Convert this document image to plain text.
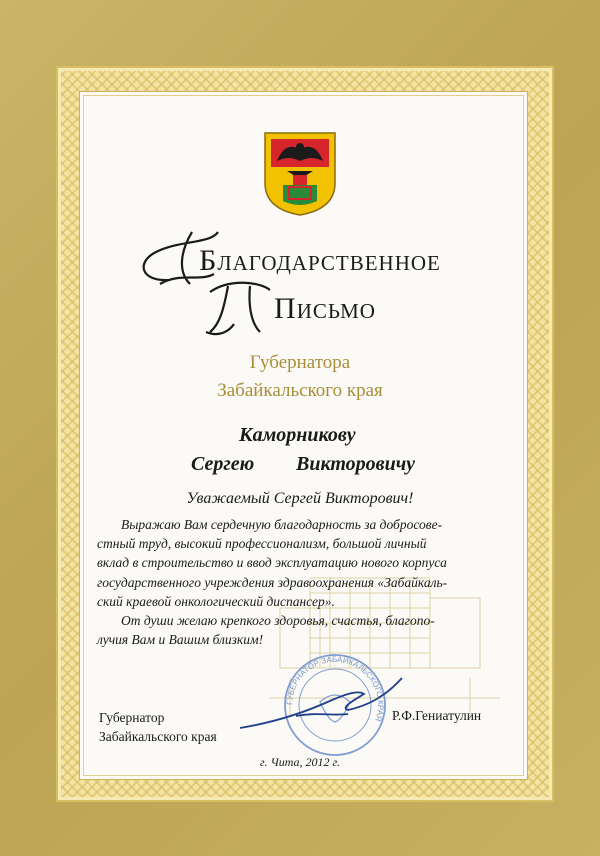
Благодарственное
Письмо
Губернатора
Забайкальского края
Каморникову
Сергею Викторовичу
Уважаемый Сергей Викторович!

Выражаю Вам сердечную благодарность за добросове-

стный труд, высокий профессионализм, большой личный

вклад в строительство и ввод эксплуатацию нового корпуса

государственного учреждения здравоохранения «Забайкаль-

ский краевой онкологический диспансер».

От души желаю крепкого здоровья, счастья, благопо-

лучия Вам и Вашим близким!

ГУБЕРНАТОР ЗАБАЙКАЛЬСКОГО КРАЯ
Губернатор
Забайкальского края
Р.Ф.Гениатулин
г. Чита, 2012 г.
